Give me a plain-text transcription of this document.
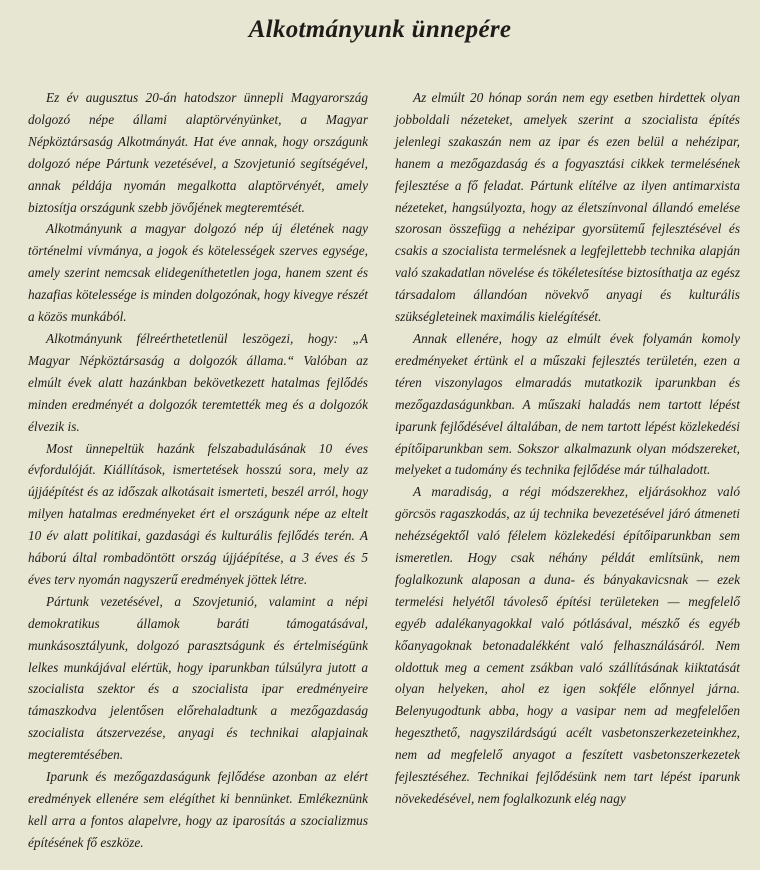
Alkotmányunk ünnepére

Ez év augusztus 20-án hatodszor ünnepli Magyarország dolgozó népe állami alaptörvényünket, a Magyar Népköztársaság Alkotmányát. Hat éve annak, hogy országunk dolgozó népe Pártunk vezetésével, a Szovjetunió segítségével, annak példája nyomán megalkotta alaptörvényét, amely biztosítja országunk szebb jövőjének megteremtését.

Alkotmányunk a magyar dolgozó nép új életének nagy történelmi vívmánya, a jogok és kötelességek szerves egysége, amely szerint nemcsak elidegeníthetetlen joga, hanem szent és hazafias kötelessége is minden dolgozónak, hogy kivegye részét a közös munkából.

Alkotmányunk félreérthetetlenül leszögezi, hogy: „A Magyar Népköztársaság a dolgozók állama.“ Valóban az elmúlt évek alatt hazánkban bekövetkezett hatalmas fejlődés minden eredményét a dolgozók teremtették meg és a dolgozók élvezik is.

Most ünnepeltük hazánk felszabadulásának 10 éves évfordulóját. Kiállítások, ismertetések hosszú sora, mely az újjáépítést és az időszak alkotásait ismerteti, beszél arról, hogy milyen hatalmas eredményeket ért el országunk népe az eltelt 10 év alatt politikai, gazdasági és kulturális fejlődés terén. A háború által rombadöntött ország újjáépítése, a 3 éves és 5 éves terv nyomán nagyszerű eredmények jöttek létre.

Pártunk vezetésével, a Szovjetunió, valamint a népi demokratikus államok baráti támogatásával, munkásosztályunk, dolgozó parasztságunk és értelmiségünk lelkes munkájával elértük, hogy iparunkban túlsúlyra jutott a szocialista szektor és a szocialista ipar eredményeire támaszkodva jelentősen előrehaladtunk a mezőgazdaság szocialista átszervezése, anyagi és technikai alapjainak megteremtésében.

Iparunk és mezőgazdaságunk fejlődése azonban az elért eredmények ellenére sem elégíthet ki bennünket. Emlékeznünk kell arra a fontos alapelvre, hogy az iparosítás a szocializmus építésének fő eszköze.

Az elmúlt 20 hónap során nem egy esetben hirdettek olyan jobboldali nézeteket, amelyek szerint a szocialista építés jelenlegi szakaszán nem az ipar és ezen belül a nehézipar, hanem a mezőgazdaság és a fogyasztási cikkek termelésének fejlesztése a fő feladat. Pártunk elítélve az ilyen antimarxista nézeteket, hangsúlyozta, hogy az életszínvonal állandó emelése szorosan összefügg a nehézipar gyorsütemű fejlesztésével és csakis a szocialista termelésnek a legfejlettebb technika alapján való szakadatlan növelése és tökéletesítése biztosíthatja az egész társadalom állandóan növekvő anyagi és kulturális szükségleteinek maximális kielégítését.

Annak ellenére, hogy az elmúlt évek folyamán komoly eredményeket értünk el a műszaki fejlesztés területén, ezen a téren viszonylagos elmaradás mutatkozik iparunkban és mezőgazdaságunkban. A műszaki haladás nem tartott lépést iparunk fejlődésével általában, de nem tartott lépést közlekedési építőiparunkban sem. Sokszor alkalmazunk olyan módszereket, melyeket a tudomány és technika fejlődése már túlhaladott.

A maradiság, a régi módszerekhez, eljárásokhoz való görcsös ragaszkodás, az új technika bevezetésével járó átmeneti nehézségektől való félelem közlekedési építőiparunkban sem ismeretlen. Hogy csak néhány példát említsünk, nem foglalkozunk alaposan a duna- és bányakavicsnak — ezek termelési helyétől távoleső építési területeken — megfelelő egyéb adalékanyagokkal való pótlásával, mészkő és egyéb kőanyagoknak betonadalékként való felhasználásáról. Nem oldottuk meg a cement zsákban való szállításának kiiktatását olyan helyeken, ahol ez igen sokféle előnnyel járna. Belenyugodtunk abba, hogy a vasipar nem ad megfelelően hegeszthető, nagyszilárdságú acélt vasbetonszerkezeteinkhez, nem ad megfelelő anyagot a feszített vasbetonszerkezetek fejlesztéséhez. Technikai fejlődésünk nem tart lépést iparunk növekedésével, nem foglalkozunk elég nagy
